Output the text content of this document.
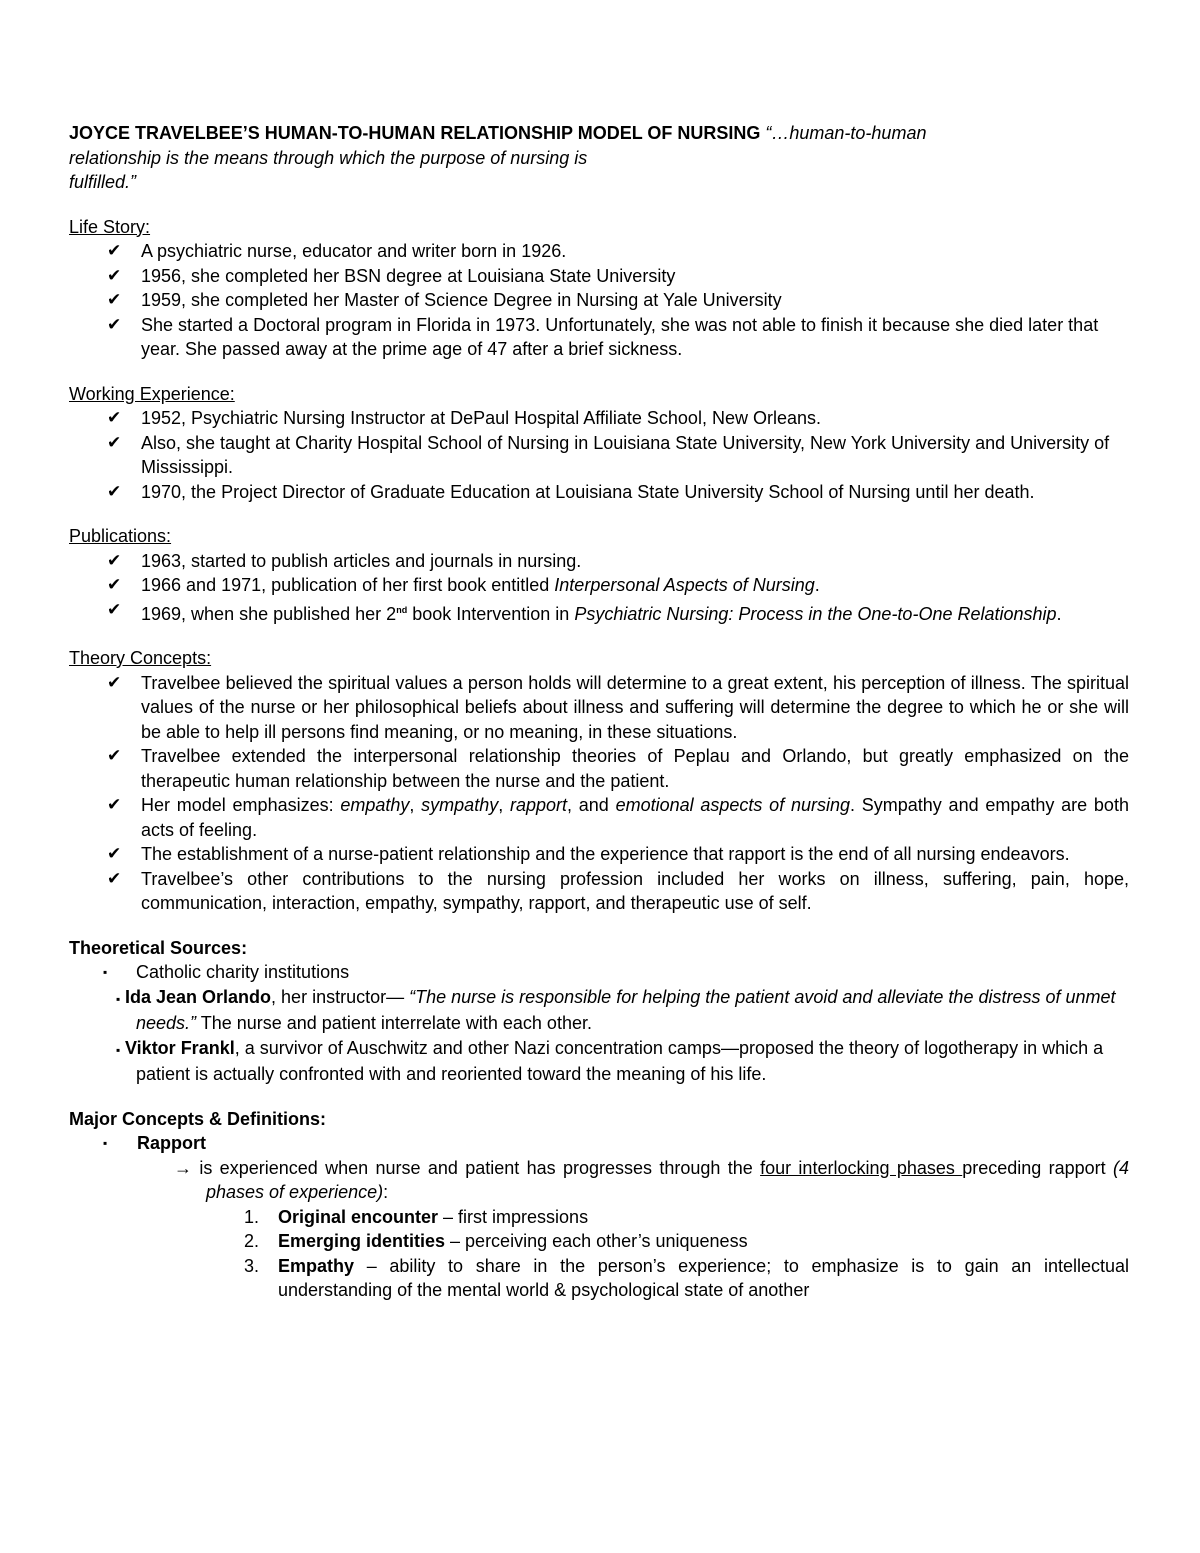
JOYCE TRAVELBEE’S HUMAN-TO-HUMAN RELATIONSHIP MODEL OF NURSING “…human-to-human

relationship is the means through which the purpose of nursing is

fulfilled.”

Life Story:
✔ A psychiatric nurse, educator and writer born in 1926.
✔ 1956, she completed her BSN degree at Louisiana State University
✔ 1959, she completed her Master of Science Degree in Nursing at Yale University
✔ She started a Doctoral program in Florida in 1973. Unfortunately, she was not able to finish it because she died later that year. She passed away at the prime age of 47 after a brief sickness.
Working Experience:
✔ 1952, Psychiatric Nursing Instructor at DePaul Hospital Affiliate School, New Orleans.
✔ Also, she taught at Charity Hospital School of Nursing in Louisiana State University, New York University and University of Mississippi.
✔ 1970, the Project Director of Graduate Education at Louisiana State University School of Nursing until her death.
Publications:
✔ 1963, started to publish articles and journals in nursing.
✔ 1966 and 1971, publication of her first book entitled Interpersonal Aspects of Nursing.
✔ 1969, when she published her 2nd book Intervention in Psychiatric Nursing: Process in the One-to-One Relationship.
Theory Concepts:
✔ Travelbee believed the spiritual values a person holds will determine to a great extent, his perception of illness. The spiritual values of the nurse or her philosophical beliefs about illness and suffering will determine the degree to which he or she will be able to help ill persons find meaning, or no meaning, in these situations.
✔ Travelbee extended the interpersonal relationship theories of Peplau and Orlando, but greatly emphasized on the therapeutic human relationship between the nurse and the patient.
✔ Her model emphasizes: empathy, sympathy, rapport, and emotional aspects of nursing. Sympathy and empathy are both acts of feeling.
✔ The establishment of a nurse-patient relationship and the experience that rapport is the end of all nursing endeavors.
✔ Travelbee’s other contributions to the nursing profession included her works on illness, suffering, pain, hope, communication, interaction, empathy, sympathy, rapport, and therapeutic use of self.
Theoretical Sources:
▪ Catholic charity institutions
▪ Ida Jean Orlando, her instructor— “The nurse is responsible for helping the patient avoid and alleviate the distress of unmet needs.” The nurse and patient interrelate with each other.
▪ Viktor Frankl, a survivor of Auschwitz and other Nazi concentration camps—proposed the theory of logotherapy in which a patient is actually confronted with and reoriented toward the meaning of his life.
Major Concepts & Definitions:
▪ Rapport
→ is experienced when nurse and patient has progresses through the four interlocking phases preceding rapport (4 phases of experience):
1. Original encounter – first impressions
2. Emerging identities – perceiving each other’s uniqueness
3. Empathy – ability to share in the person’s experience; to emphasize is to gain an intellectual understanding of the mental world & psychological state of another
